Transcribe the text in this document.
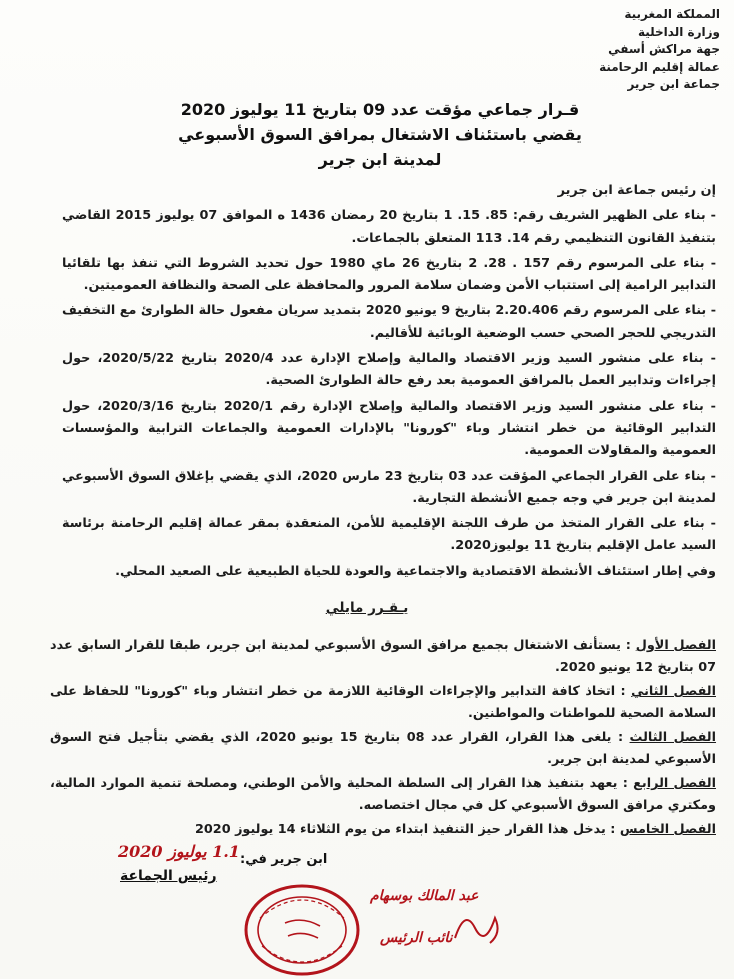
المملكة المغربية
وزارة الداخلية
جهة مراكش أسفي
عمالة إقليم الرحامنة
جماعة ابن جرير
قـرار جماعي مؤقت عدد 09 بتاريخ 11 يوليوز 2020
يقضي باستئناف الاشتغال بمرافق السوق الأسبوعي
لمدينة ابن جرير

إن رئيس جماعة ابن جرير

- بناء على الظهير الشريف رقم: 85. 15. 1 بتاريخ 20 رمضان 1436 ه الموافق 07 يوليوز 2015 القاضي بتنفيذ القانون التنظيمي رقم 14. 113 المتعلق بالجماعات.

- بناء على المرسوم رقم 157 . 28. 2 بتاريخ 26 ماي 1980 حول تحديد الشروط التي تنفذ بها تلقائيا التدابير الرامية إلى استتباب الأمن وضمان سلامة المرور والمحافظة على الصحة والنظافة العموميتين.

- بناء على المرسوم رقم 2.20.406 بتاريخ 9 يونيو 2020 بتمديد سريان مفعول حالة الطوارئ مع التخفيف التدريجي للحجر الصحي حسب الوضعية الوبائية للأقاليم.

- بناء على منشور السيد وزير الاقتصاد والمالية وإصلاح الإدارة عدد 2020/4 بتاريخ 2020/5/22، حول إجراءات وتدابير العمل بالمرافق العمومية بعد رفع حالة الطوارئ الصحية.

- بناء على منشور السيد وزير الاقتصاد والمالية وإصلاح الإدارة رقم 2020/1 بتاريخ 2020/3/16، حول التدابير الوقائية من خطر انتشار وباء "كورونا" بالإدارات العمومية والجماعات الترابية والمؤسسات العمومية والمقاولات العمومية.

- بناء على القرار الجماعي المؤقت عدد 03 بتاريخ 23 مارس 2020، الذي يقضي بإغلاق السوق الأسبوعي لمدينة ابن جرير في وجه جميع الأنشطة التجارية.

- بناء على القرار المتخذ من طرف اللجنة الإقليمية للأمن، المنعقدة بمقر عمالة إقليم الرحامنة برئاسة السيد عامل الإقليم بتاريخ 11 يوليوز2020.

وفي إطار استئناف الأنشطة الاقتصادية والاجتماعية والعودة للحياة الطبيعية على الصعيد المحلي.

يـقـرر مايلي

الفصل الأول : يستأنف الاشتغال بجميع مرافق السوق الأسبوعي لمدينة ابن جرير، طبقا للقرار السابق عدد 07 بتاريخ 12 يونيو 2020.

الفصل الثاني : اتخاذ كافة التدابير والإجراءات الوقائية اللازمة من خطر انتشار وباء "كورونا" للحفاظ على السلامة الصحية للمواطنات والمواطنين.

الفصل الثالث : يلغى هذا القرار، القرار عدد 08 بتاريخ 15 يونيو 2020، الذي يقضي بتأجيل فتح السوق الأسبوعي لمدينة ابن جرير.

الفصل الرابع : يعهد بتنفيذ هذا القرار إلى السلطة المحلية والأمن الوطني، ومصلحة تنمية الموارد المالية، ومكتري مرافق السوق الأسبوعي كل في مجال اختصاصه.

الفصل الخامس : يدخل هذا القرار حيز التنفيذ ابتداء من يوم الثلاثاء 14 يوليوز 2020

ابن جرير في:
1.1 يوليوز 2020
رئيس الجماعة
عبد المالك بوسهام
نائب الرئيس
